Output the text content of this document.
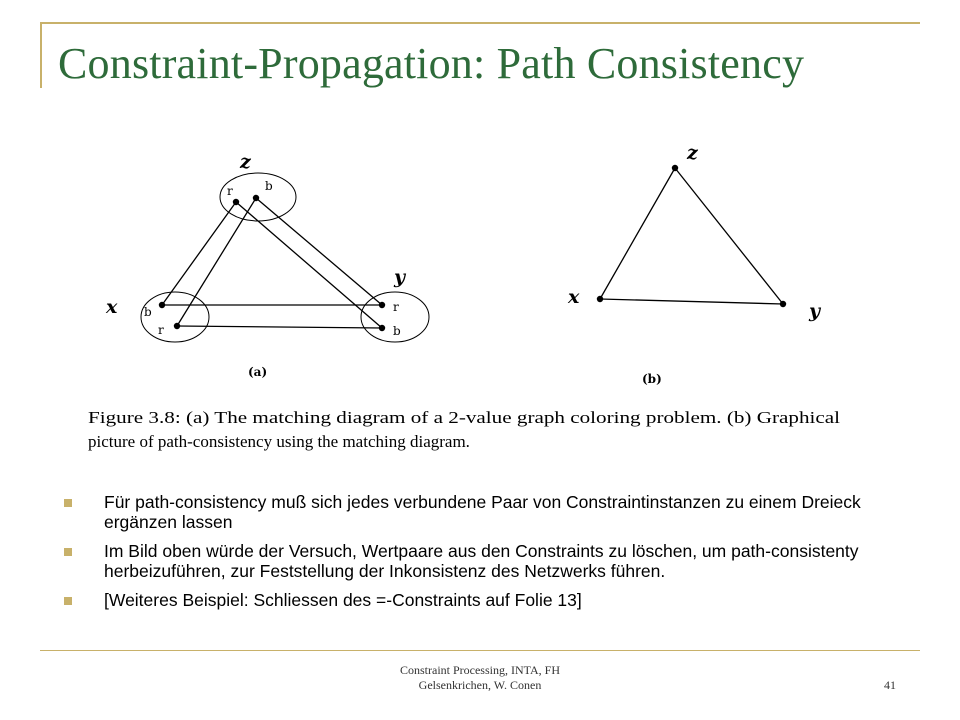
Constraint-Propagation: Path Consistency
r	b
b
r
r
b
z
x
y
(a)
z
x
y
(b)
Figure 3.8: (a) The matching diagram of a 2-value graph coloring problem. (b) Graphical
picture of path-consistency using the matching diagram.
Für path-consistency muß sich jedes verbundene Paar von Constraintinstanzen zu einem Dreieck ergänzen lassen
Im Bild oben würde der Versuch, Wertpaare aus den Constraints zu löschen, um path-consistenty herbeizuführen, zur Feststellung der Inkonsistenz des Netzwerks führen.
[Weiteres Beispiel: Schliessen des =-Constraints auf Folie 13]
Constraint Processing, INTA, FH Gelsenkrichen, W. Conen	41
